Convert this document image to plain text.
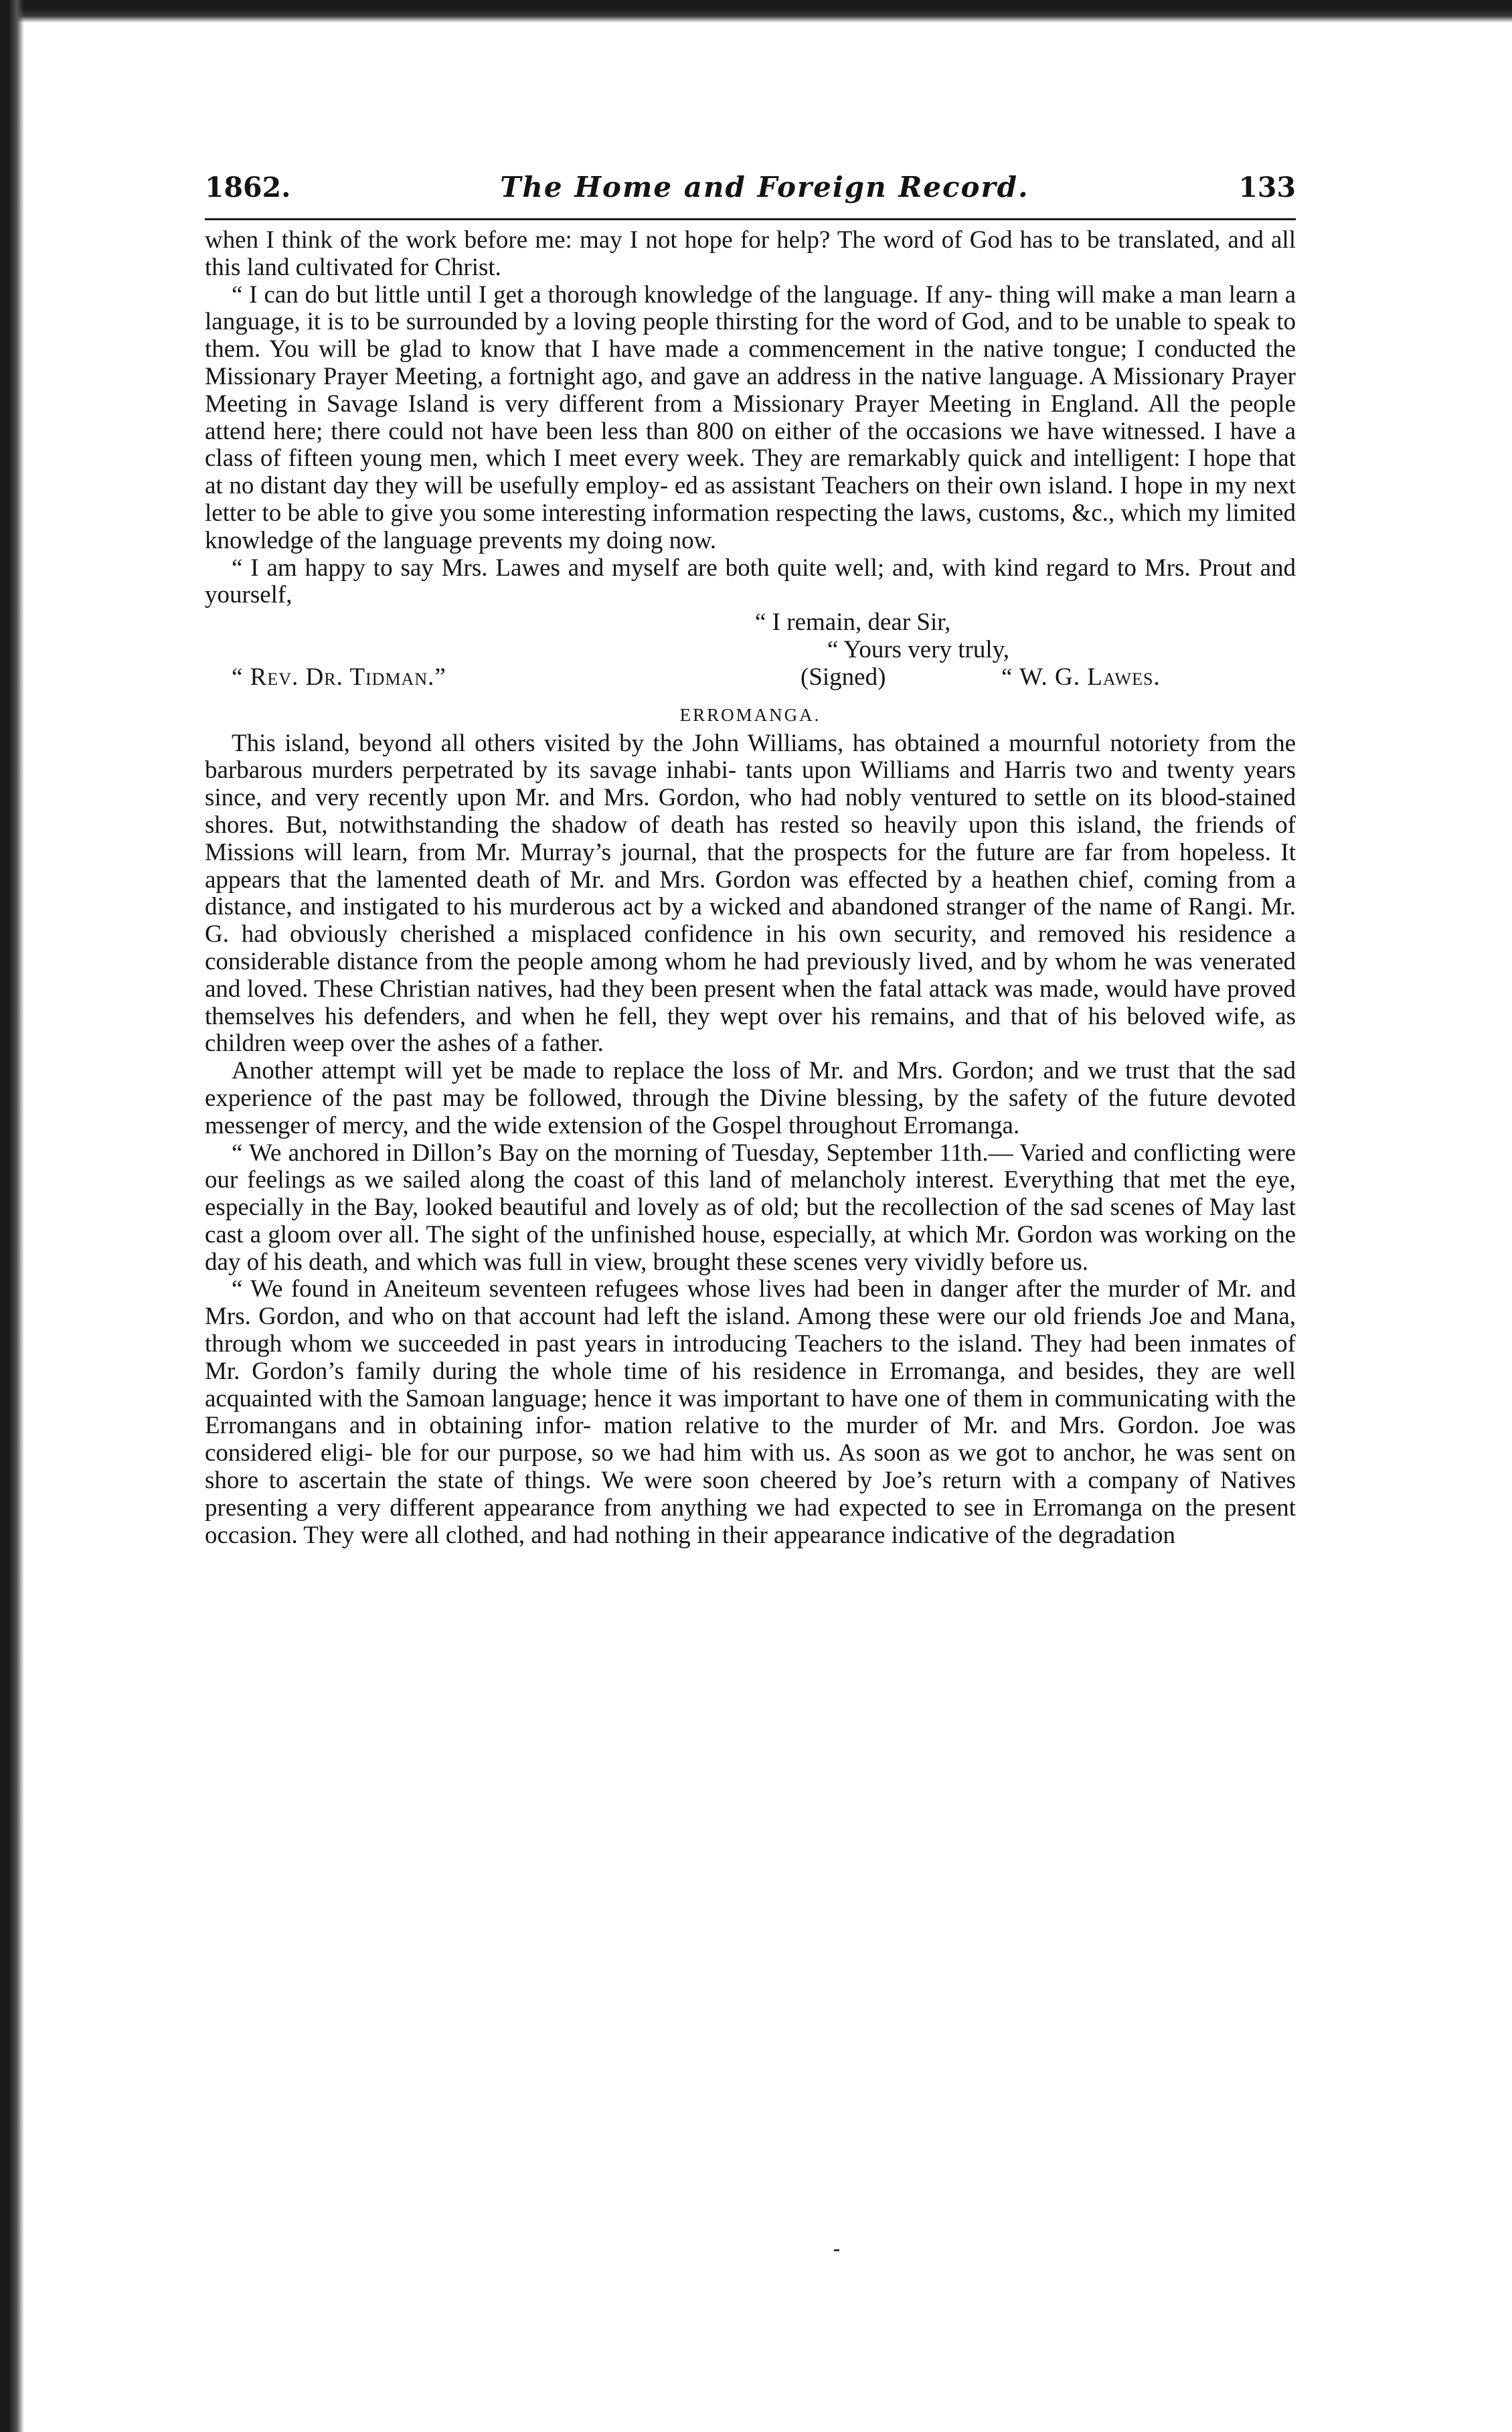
1862.	The Home and Foreign Record.	133

when I think of the work before me: may I not hope for help? The word of God has to be translated, and all this land cultivated for Christ.

“ I can do but little until I get a thorough knowledge of the language. If any- thing will make a man learn a language, it is to be surrounded by a loving people thirsting for the word of God, and to be unable to speak to them. You will be glad to know that I have made a commencement in the native tongue; I conducted the Missionary Prayer Meeting, a fortnight ago, and gave an address in the native language. A Missionary Prayer Meeting in Savage Island is very different from a Missionary Prayer Meeting in England. All the people attend here; there could not have been less than 800 on either of the occasions we have witnessed. I have a class of fifteen young men, which I meet every week. They are remarkably quick and intelligent: I hope that at no distant day they will be usefully employ- ed as assistant Teachers on their own island. I hope in my next letter to be able to give you some interesting information respecting the laws, customs, &c., which my limited knowledge of the language prevents my doing now.

“ I am happy to say Mrs. Lawes and myself are both quite well; and, with kind regard to Mrs. Prout and yourself,

“ I remain, dear Sir,
“ Yours very truly,
“ Rev. Dr. Tidman.”	(Signed)	“ W. G. Lawes.
ERROMANGA.

This island, beyond all others visited by the John Williams, has obtained a mournful notoriety from the barbarous murders perpetrated by its savage inhabi- tants upon Williams and Harris two and twenty years since, and very recently upon Mr. and Mrs. Gordon, who had nobly ventured to settle on its blood-stained shores. But, notwithstanding the shadow of death has rested so heavily upon this island, the friends of Missions will learn, from Mr. Murray’s journal, that the prospects for the future are far from hopeless. It appears that the lamented death of Mr. and Mrs. Gordon was effected by a heathen chief, coming from a distance, and instigated to his murderous act by a wicked and abandoned stranger of the name of Rangi. Mr. G. had obviously cherished a misplaced confidence in his own security, and removed his residence a considerable distance from the people among whom he had previously lived, and by whom he was venerated and loved. These Christian natives, had they been present when the fatal attack was made, would have proved themselves his defenders, and when he fell, they wept over his remains, and that of his beloved wife, as children weep over the ashes of a father.

Another attempt will yet be made to replace the loss of Mr. and Mrs. Gordon; and we trust that the sad experience of the past may be followed, through the Divine blessing, by the safety of the future devoted messenger of mercy, and the wide extension of the Gospel throughout Erromanga.

“ We anchored in Dillon’s Bay on the morning of Tuesday, September 11th.— Varied and conflicting were our feelings as we sailed along the coast of this land of melancholy interest. Everything that met the eye, especially in the Bay, looked beautiful and lovely as of old; but the recollection of the sad scenes of May last cast a gloom over all. The sight of the unfinished house, especially, at which Mr. Gordon was working on the day of his death, and which was full in view, brought these scenes very vividly before us.

“ We found in Aneiteum seventeen refugees whose lives had been in danger after the murder of Mr. and Mrs. Gordon, and who on that account had left the island. Among these were our old friends Joe and Mana, through whom we succeeded in past years in introducing Teachers to the island. They had been inmates of Mr. Gordon’s family during the whole time of his residence in Erromanga, and besides, they are well acquainted with the Samoan language; hence it was important to have one of them in communicating with the Erromangans and in obtaining infor- mation relative to the murder of Mr. and Mrs. Gordon. Joe was considered eligi- ble for our purpose, so we had him with us. As soon as we got to anchor, he was sent on shore to ascertain the state of things. We were soon cheered by Joe’s return with a company of Natives presenting a very different appearance from anything we had expected to see in Erromanga on the present occasion. They were all clothed, and had nothing in their appearance indicative of the degradation
